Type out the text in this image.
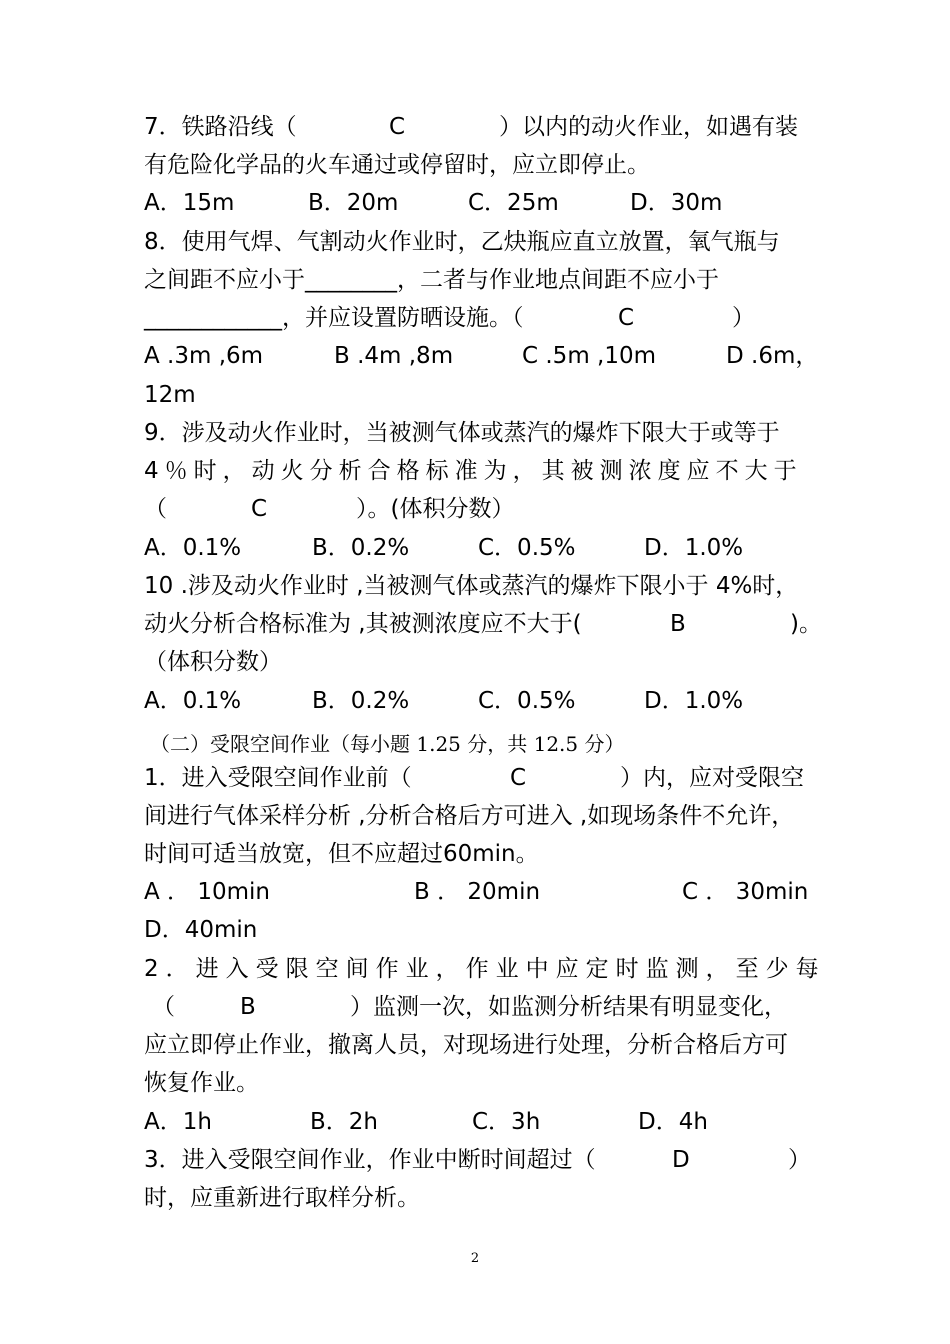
7．铁路沿线（	C	）以内的动火作业，如遇有装
有危险化学品的火车通过或停留时，应立即停止。
A．15m	B．20m	C．25m	D．30m
8．使用气焊、气割动火作业时，乙炔瓶应直立放置，氧气瓶与
之间距不应小于________，二者与作业地点间距不应小于
____________，并应设置防晒设施。（	C	）
A .3m ,6m	B .4m ,8m	C .5m ,10m	D .6m，
12m
9．涉及动火作业时，当被测气体或蒸汽的爆炸下限大于或等于
4％时，动火分析合格标准为，其被测浓度应不大于
（	C	）。(体积分数）
A．0.1%	B．0.2%	C．0.5%	D．1.0%
10 .涉及动火作业时 ,当被测气体或蒸汽的爆炸下限小于 4%时，
动火分析合格标准为 ,其被测浓度应不大于(	B	)。
（体积分数）
A．0.1%	B．0.2%	C．0.5%	D．1.0%
（二）受限空间作业（每小题 1.25 分，共 12.5 分）
1．进入受限空间作业前（	C	）内，应对受限空
间进行气体采样分析 ,分析合格后方可进入 ,如现场条件不允许，
时间可适当放宽，但不应超过60min。
A ． 10min	B ． 20min	C ． 30min
D．40min
2．进入受限空间作业，作业中应定时监测，至少每
（	B	）监测一次，如监测分析结果有明显变化，
应立即停止作业，撤离人员，对现场进行处理，分析合格后方可
恢复作业。
A．1h	B．2h	C．3h	D．4h
3．进入受限空间作业，作业中断时间超过（	D	）
时，应重新进行取样分析。
2
